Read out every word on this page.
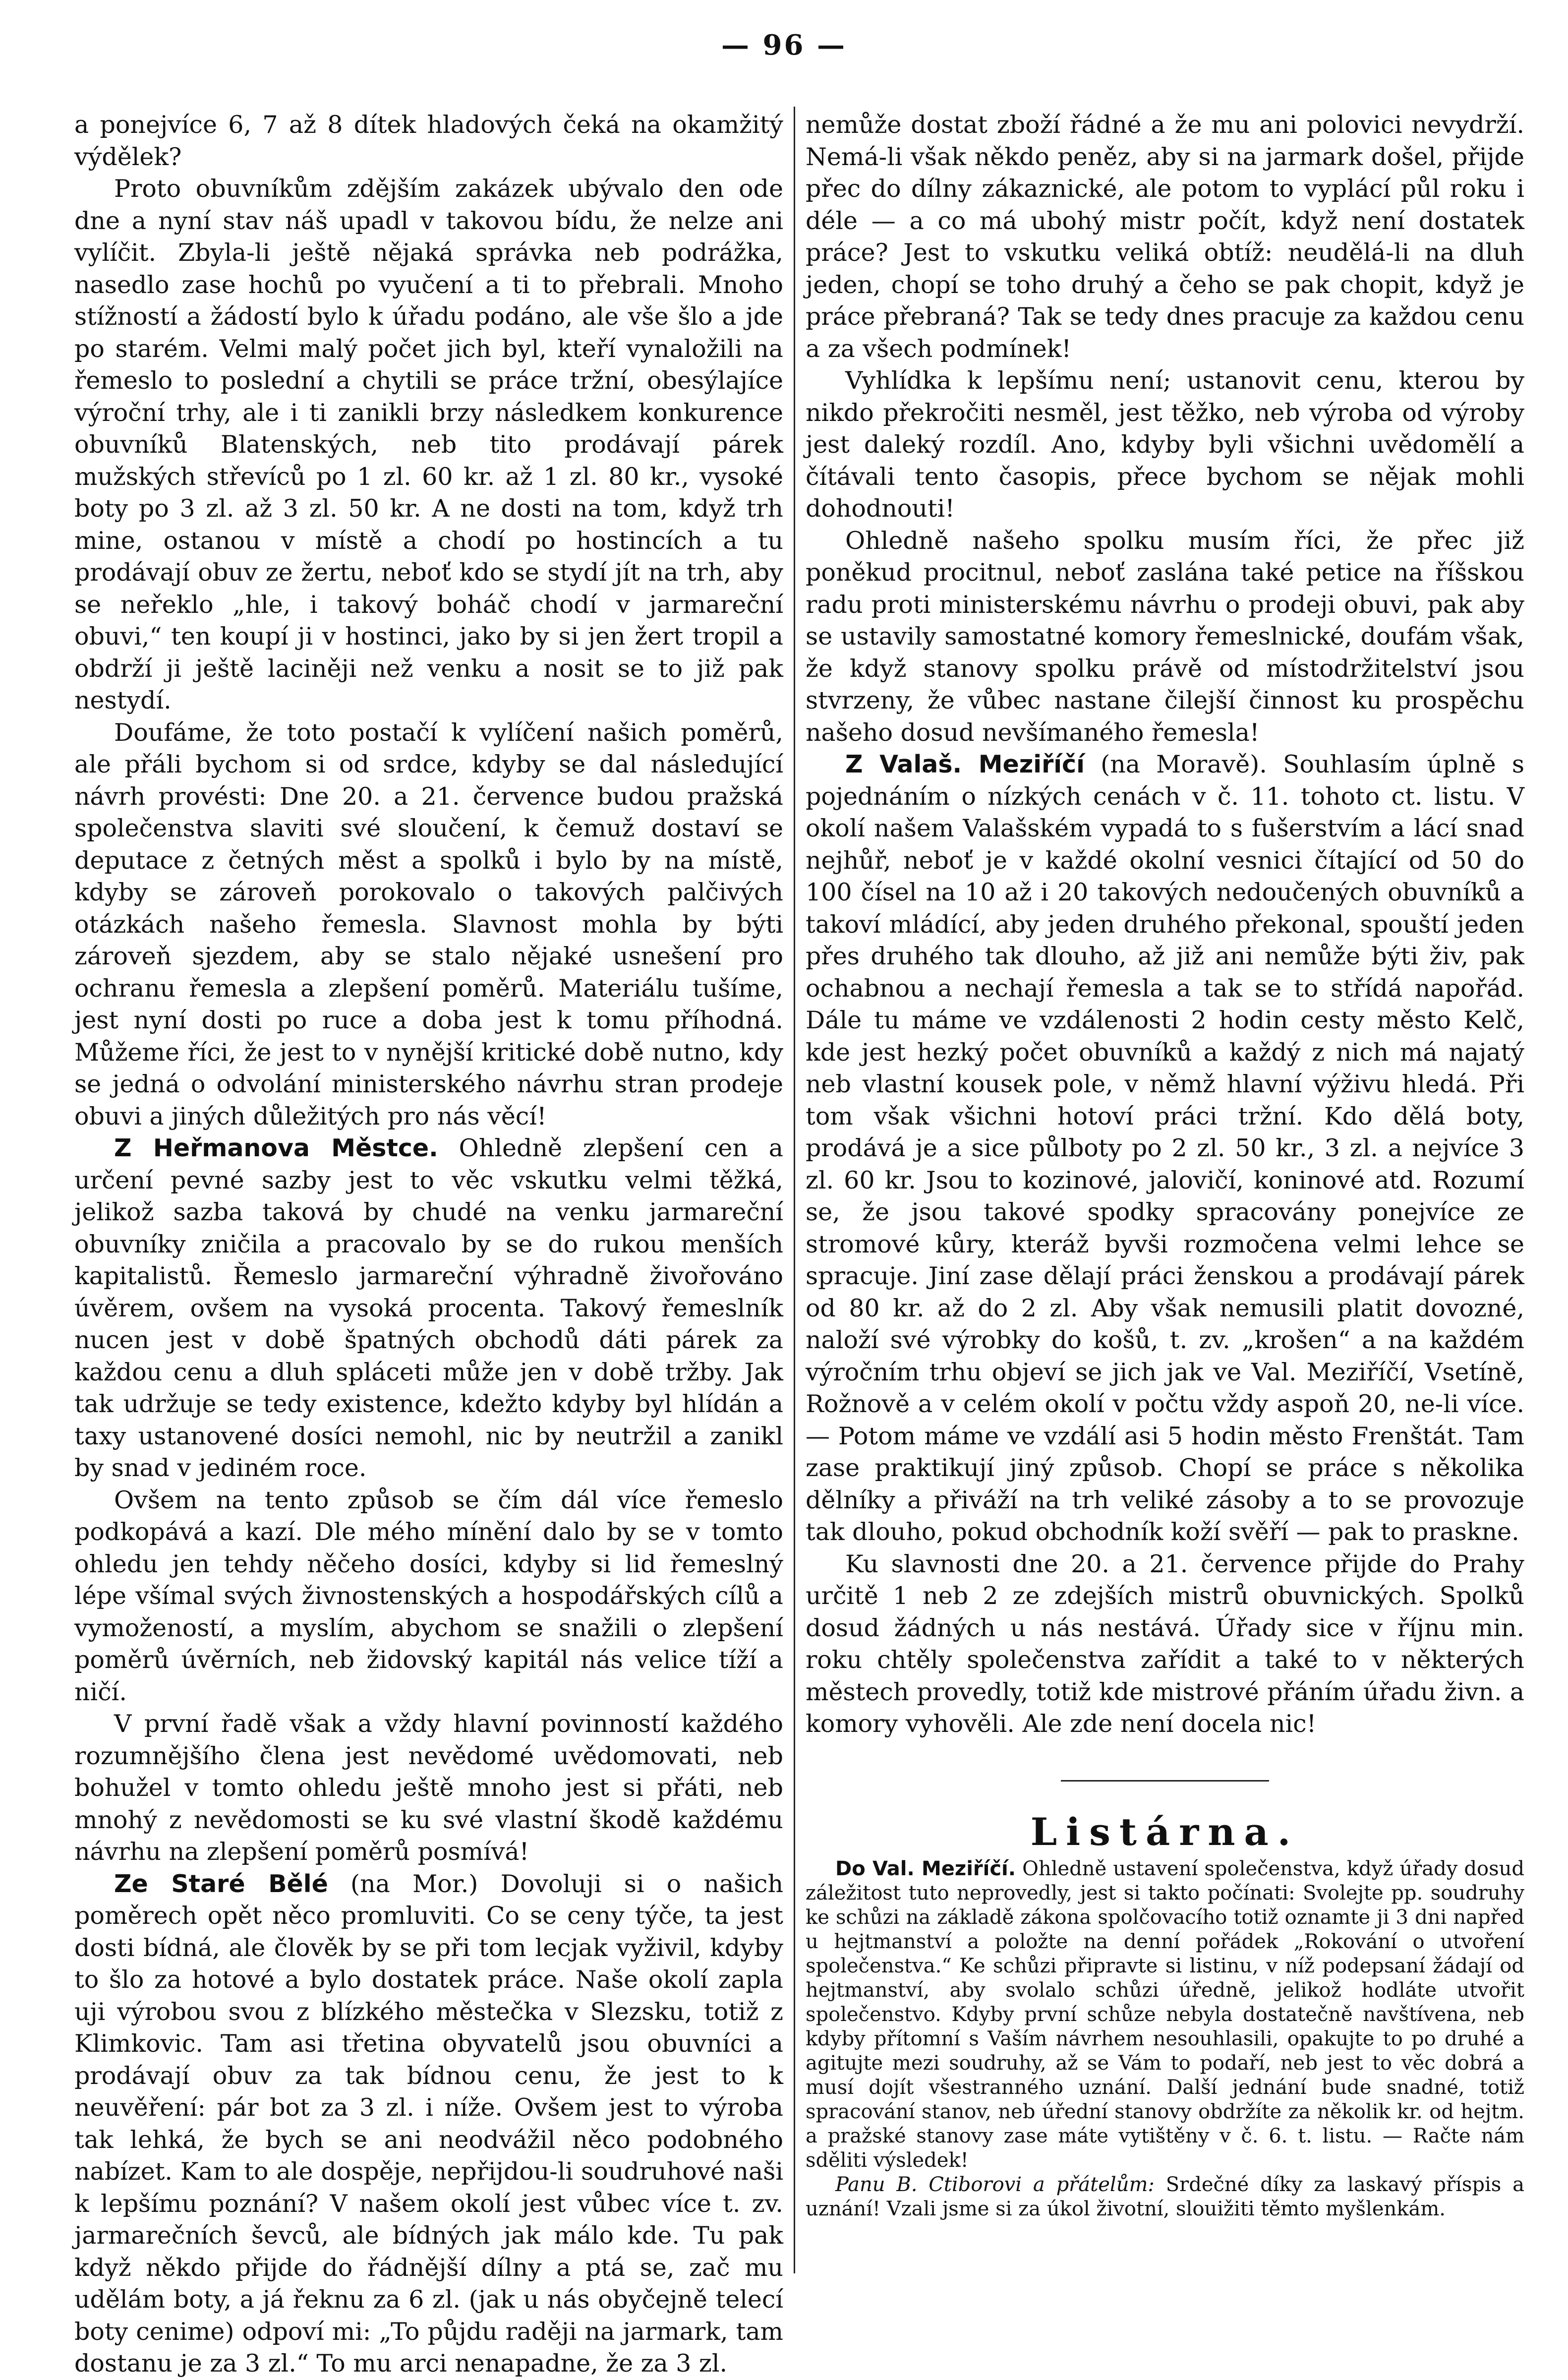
— 96 —

a ponejvíce 6, 7 až 8 dítek hladových čeká na okamžitý výdělek?

Proto obuvníkům zdějším zakázek ubývalo den ode dne a nyní stav náš upadl v takovou bídu, že nelze ani vylíčit. Zbyla-li ještě nějaká správka neb podrážka, nasedlo zase hochů po vyučení a ti to přebrali. Mnoho stížností a žádostí bylo k úřadu podáno, ale vše šlo a jde po starém. Velmi malý počet jich byl, kteří vynaložili na řemeslo to poslední a chytili se práce tržní, obesýlajíce výroční trhy, ale i ti zanikli brzy následkem konkurence obuvníků Blatenských, neb tito prodávají párek mužských střevíců po 1 zl. 60 kr. až 1 zl. 80 kr., vysoké boty po 3 zl. až 3 zl. 50 kr. A ne dosti na tom, když trh mine, ostanou v místě a chodí po hostincích a tu prodávají obuv ze žertu, neboť kdo se stydí jít na trh, aby se neřeklo „hle, i takový boháč chodí v jarmareční obuvi,“ ten koupí ji v hostinci, jako by si jen žert tropil a obdrží ji ještě laciněji než venku a nosit se to již pak nestydí.

Doufáme, že toto postačí k vylíčení našich poměrů, ale přáli bychom si od srdce, kdyby se dal následující návrh provésti: Dne 20. a 21. července budou pražská společenstva slaviti své sloučení, k čemuž dostaví se deputace z četných měst a spolků i bylo by na místě, kdyby se zároveň porokovalo o takových palčivých otázkách našeho řemesla. Slavnost mohla by býti zároveň sjezdem, aby se stalo nějaké usnešení pro ochranu řemesla a zlepšení poměrů. Materiálu tušíme, jest nyní dosti po ruce a doba jest k tomu příhodná. Můžeme říci, že jest to v nynější kritické době nutno, kdy se jedná o odvolání ministerského návrhu stran prodeje obuvi a jiných důležitých pro nás věcí!

Z Heřmanova Městce. Ohledně zlepšení cen a určení pevné sazby jest to věc vskutku velmi těžká, jelikož sazba taková by chudé na venku jarmareční obuvníky zničila a pracovalo by se do rukou menších kapitalistů. Řemeslo jarmareční výhradně živořováno úvěrem, ovšem na vysoká procenta. Takový řemeslník nucen jest v době špatných obchodů dáti párek za každou cenu a dluh spláceti může jen v době tržby. Jak tak udržuje se tedy existence, kdežto kdyby byl hlídán a taxy ustanovené dosíci nemohl, nic by neutržil a zanikl by snad v jediném roce.

Ovšem na tento způsob se čím dál více řemeslo podkopává a kazí. Dle mého mínění dalo by se v tomto ohledu jen tehdy něčeho dosíci, kdyby si lid řemeslný lépe všímal svých živnostenských a hospodářských cílů a vymožeností, a myslím, abychom se snažili o zlepšení poměrů úvěrních, neb židovský kapitál nás velice tíží a ničí.

V první řadě však a vždy hlavní povinností každého rozumnějšího člena jest nevědomé uvědomovati, neb bohužel v tomto ohledu ještě mnoho jest si přáti, neb mnohý z nevědomosti se ku své vlastní škodě každému návrhu na zlepšení poměrů posmívá!

Ze Staré Bělé (na Mor.) Dovoluji si o našich poměrech opět něco promluviti. Co se ceny týče, ta jest dosti bídná, ale člověk by se při tom lecjak vyživil, kdyby to šlo za hotové a bylo dostatek práce. Naše okolí zapla uji výrobou svou z blízkého městečka v Slezsku, totiž z Klimkovic. Tam asi třetina obyvatelů jsou obuvníci a prodávají obuv za tak bídnou cenu, že jest to k neuvěření: pár bot za 3 zl. i níže. Ovšem jest to výroba tak lehká, že bych se ani neodvážil něco podobného nabízet. Kam to ale dospěje, nepřijdou-li soudruhové naši k lepšímu poznání? V našem okolí jest vůbec více t. zv. jarmarečních ševců, ale bídných jak málo kde. Tu pak když někdo přijde do řádnější dílny a ptá se, zač mu udělám boty, a já řeknu za 6 zl. (jak u nás obyčejně telecí boty cenime) odpoví mi: „To půjdu raději na jarmark, tam dostanu je za 3 zl.“ To mu arci nenapadne, že za 3 zl.

nemůže dostat zboží řádné a že mu ani polovici nevydrží. Nemá-li však někdo peněz, aby si na jarmark došel, přijde přec do dílny zákaznické, ale potom to vyplácí půl roku i déle — a co má ubohý mistr počít, když není dostatek práce? Jest to vskutku veliká obtíž: neudělá-li na dluh jeden, chopí se toho druhý a čeho se pak chopit, když je práce přebraná? Tak se tedy dnes pracuje za každou cenu a za všech podmínek!

Vyhlídka k lepšímu není; ustanovit cenu, kterou by nikdo překročiti nesměl, jest těžko, neb výroba od výroby jest daleký rozdíl. Ano, kdyby byli všichni uvědomělí a čítávali tento časopis, přece bychom se nějak mohli dohodnouti!

Ohledně našeho spolku musím říci, že přec již poněkud procitnul, neboť zaslána také petice na říšskou radu proti ministerskému návrhu o prodeji obuvi, pak aby se ustavily samostatné komory řemeslnické, doufám však, že když stanovy spolku právě od místodržitelství jsou stvrzeny, že vůbec nastane čilejší činnost ku prospěchu našeho dosud nevšímaného řemesla!

Z Valaš. Meziříčí (na Moravě). Souhlasím úplně s pojednáním o nízkých cenách v č. 11. tohoto ct. listu. V okolí našem Valašském vypadá to s fušerstvím a lácí snad nejhůř, neboť je v každé okolní vesnici čítající od 50 do 100 čísel na 10 až i 20 takových nedoučených obuvníků a takoví mládící, aby jeden druhého překonal, spouští jeden přes druhého tak dlouho, až již ani nemůže býti živ, pak ochabnou a nechají řemesla a tak se to střídá napořád. Dále tu máme ve vzdálenosti 2 hodin cesty město Kelč, kde jest hezký počet obuvníků a každý z nich má najatý neb vlastní kousek pole, v němž hlavní výživu hledá. Při tom však všichni hotoví práci tržní. Kdo dělá boty, prodává je a sice půlboty po 2 zl. 50 kr., 3 zl. a nejvíce 3 zl. 60 kr. Jsou to kozinové, jalovičí, koninové atd. Rozumí se, že jsou takové spodky spracovány ponejvíce ze stromové kůry, kteráž byvši rozmočena velmi lehce se spracuje. Jiní zase dělají práci ženskou a prodávají párek od 80 kr. až do 2 zl. Aby však nemusili platit dovozné, naloží své výrobky do košů, t. zv. „krošen“ a na každém výročním trhu objeví se jich jak ve Val. Meziříčí, Vsetíně, Rožnově a v celém okolí v počtu vždy aspoň 20, ne-li více. — Potom máme ve vzdálí asi 5 hodin město Frenštát. Tam zase praktikují jiný způsob. Chopí se práce s několika dělníky a přiváží na trh veliké zásoby a to se provozuje tak dlouho, pokud obchodník koží svěří — pak to praskne.

Ku slavnosti dne 20. a 21. července přijde do Prahy určitě 1 neb 2 ze zdejších mistrů obuvnických. Spolků dosud žádných u nás nestává. Úřady sice v říjnu min. roku chtěly společenstva zařídit a také to v některých městech provedly, totiž kde mistrové přáním úřadu živn. a komory vyhověli. Ale zde není docela nic!

Listárna.

Do Val. Meziříčí. Ohledně ustavení společenstva, když úřady dosud záležitost tuto neprovedly, jest si takto počínati: Svolejte pp. soudruhy ke schůzi na základě zákona spolčovacího totiž oznamte ji 3 dni napřed u hejtmanství a položte na denní pořádek „Rokování o utvoření společenstva.“ Ke schůzi připravte si listinu, v níž podepsaní žádají od hejtmanství, aby svolalo schůzi úředně, jelikož hodláte utvořit společenstvo. Kdyby první schůze nebyla dostatečně navštívena, neb kdyby přítomní s Vaším návrhem nesouhlasili, opakujte to po druhé a agitujte mezi soudruhy, až se Vám to podaří, neb jest to věc dobrá a musí dojít všestranného uznání. Další jednání bude snadné, totiž spracování stanov, neb úřední stanovy obdržíte za několik kr. od hejtm. a pražské stanovy zase máte vytištěny v č. 6. t. listu. — Račte nám sděliti výsledek!

Panu B. Ctiborovi a přátelům: Srdečné díky za laskavý příspis a uznání! Vzali jsme si za úkol životní, slouižiti těmto myšlenkám.
